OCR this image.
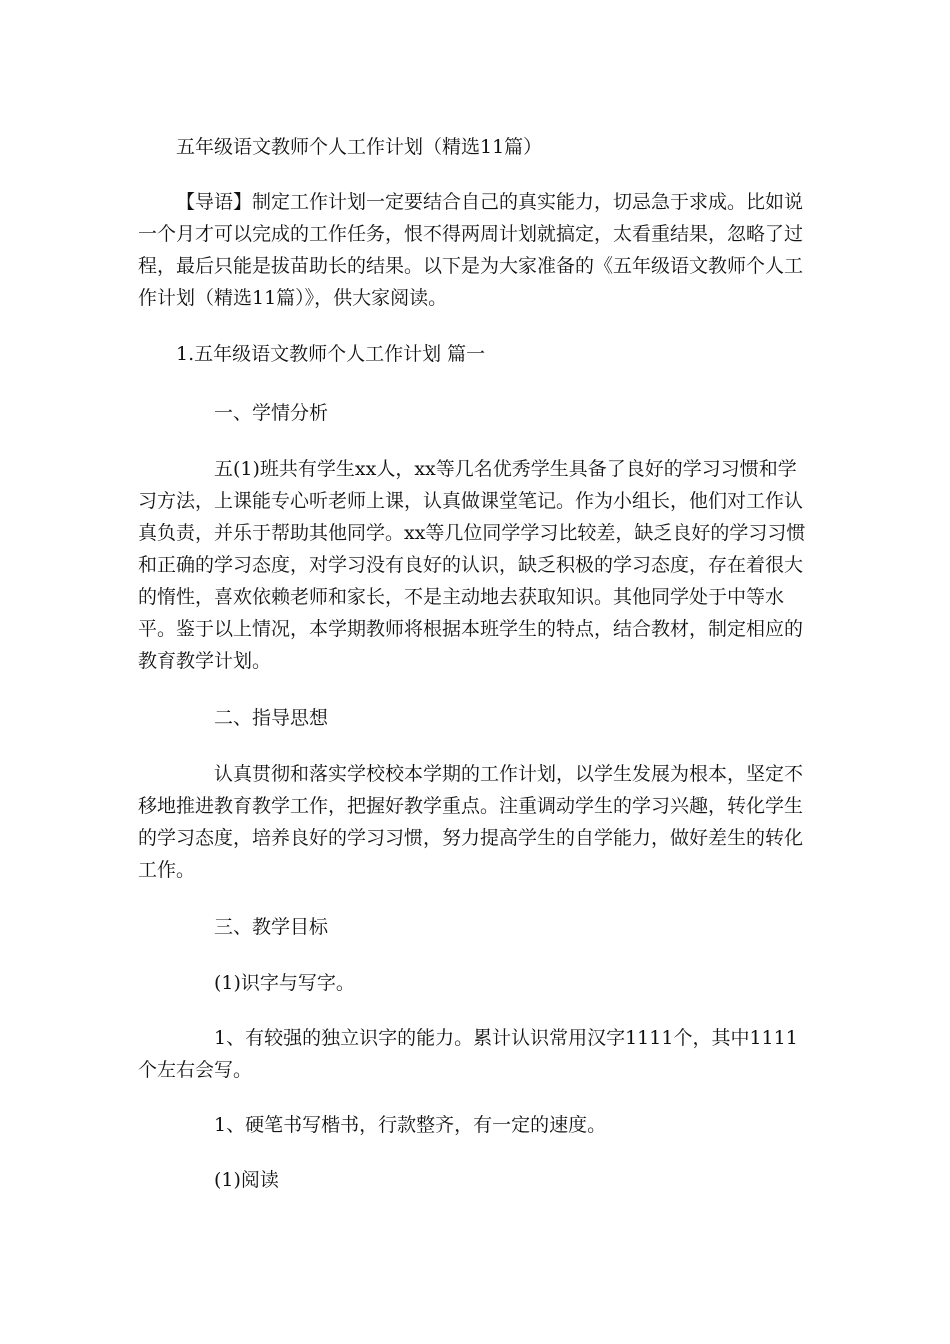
五年级语文教师个人工作计划（精选11篇）

【导语】制定工作计划一定要结合自己的真实能力，切忌急于求成。比如说一个月才可以完成的工作任务，恨不得两周计划就搞定，太看重结果，忽略了过程，最后只能是拔苗助长的结果。以下是为大家准备的《五年级语文教师个人工作计划（精选11篇）》，供大家阅读。

1.五年级语文教师个人工作计划 篇一

一、学情分析

五(1)班共有学生xx人，xx等几名优秀学生具备了良好的学习习惯和学习方法，上课能专心听老师上课，认真做课堂笔记。作为小组长，他们对工作认真负责，并乐于帮助其他同学。xx等几位同学学习比较差，缺乏良好的学习习惯和正确的学习态度，对学习没有良好的认识，缺乏积极的学习态度，存在着很大的惰性，喜欢依赖老师和家长，不是主动地去获取知识。其他同学处于中等水平。鉴于以上情况，本学期教师将根据本班学生的特点，结合教材，制定相应的教育教学计划。

二、指导思想

认真贯彻和落实学校校本学期的工作计划，以学生发展为根本，坚定不移地推进教育教学工作，把握好教学重点。注重调动学生的学习兴趣，转化学生的学习态度，培养良好的学习习惯，努力提高学生的自学能力，做好差生的转化工作。

三、教学目标

(1)识字与写字。

1、有较强的独立识字的能力。累计认识常用汉字1111个，其中1111个左右会写。

1、硬笔书写楷书，行款整齐，有一定的速度。

(1)阅读
